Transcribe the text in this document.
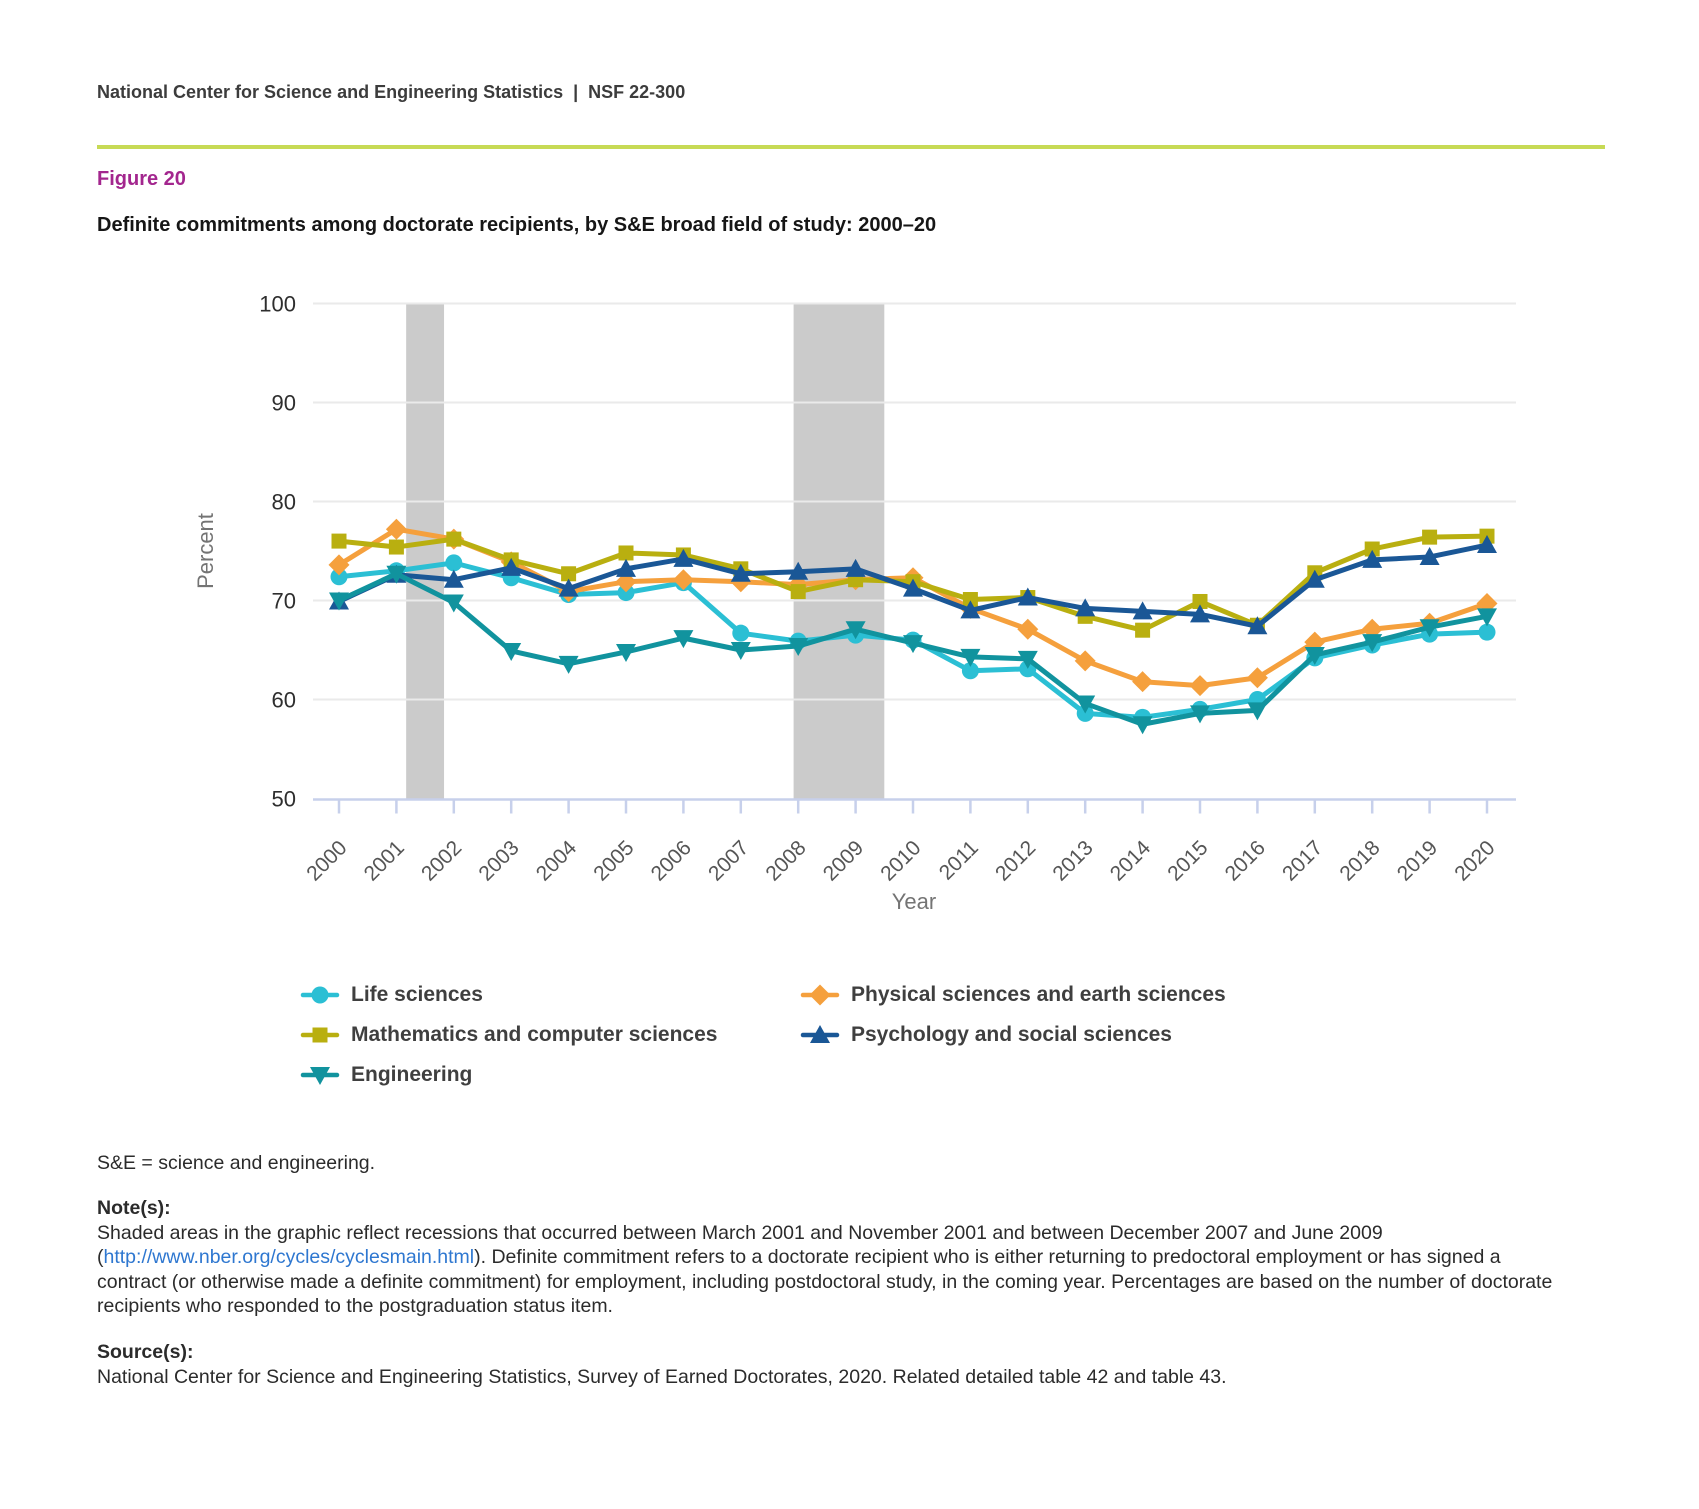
National Center for Science and Engineering Statistics  |  NSF 22-300
Figure 20
Definite commitments among doctorate recipients, by S&E broad field of study: 2000–20
50
60
70
80
90
100
2000 2001 2002 2003 2004 2005 2006 2007 2008 2009 2010 2011 2012 2013 2014 2015 2016 2017 2018 2019 2020
Percent
Year
Life sciences	Physical sciences and earth sciences
Mathematics and computer sciences	Psychology and social sciences
Engineering
S&E = science and engineering.
Note(s):
Shaded areas in the graphic reflect recessions that occurred between March 2001 and November 2001 and between December 2007 and June 2009 (http://www.nber.org/cycles/cyclesmain.html). Definite commitment refers to a doctorate recipient who is either returning to predoctoral employment or has signed a contract (or otherwise made a definite commitment) for employment, including postdoctoral study, in the coming year. Percentages are based on the number of doctorate recipients who responded to the postgraduation status item.
Source(s):
National Center for Science and Engineering Statistics, Survey of Earned Doctorates, 2020. Related detailed table 42 and table 43.
